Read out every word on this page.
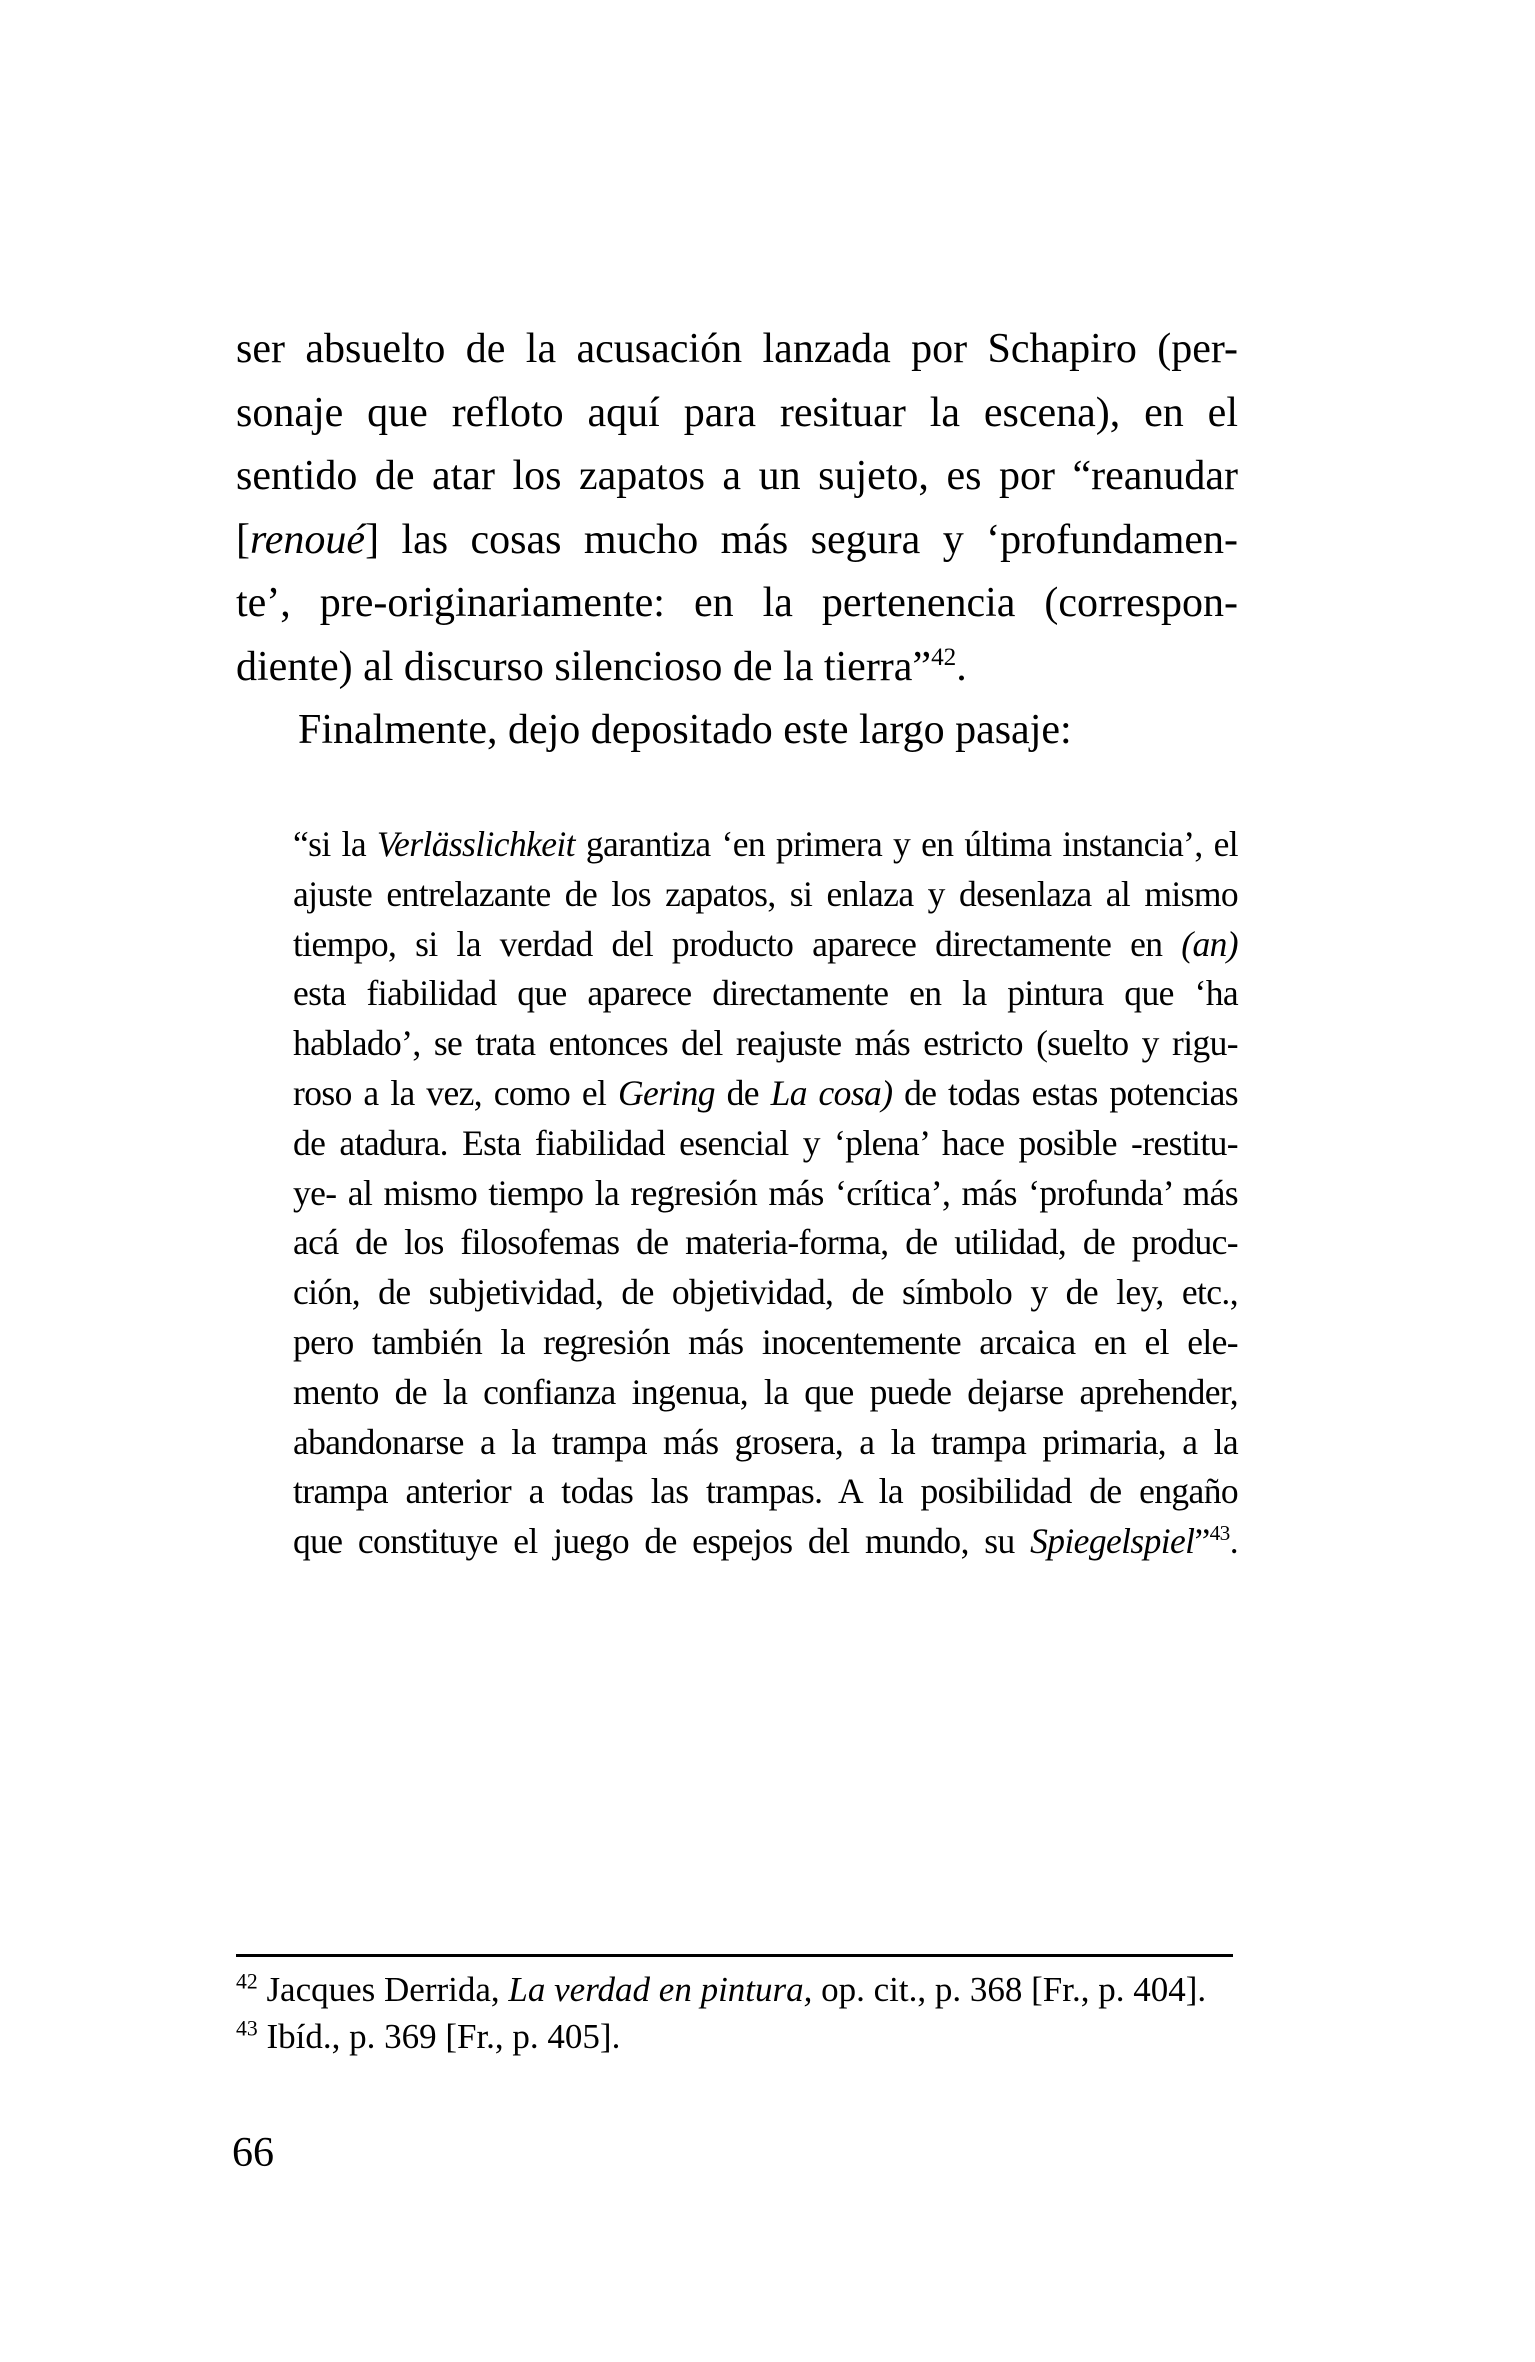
ser absuelto de la acusación lanzada por Schapiro (per-
sonaje que refloto aquí para resituar la escena), en el
sentido de atar los zapatos a un sujeto, es por “reanudar
[renoué] las cosas mucho más segura y ‘profundamen-
te’, pre-originariamente: en la pertenencia (correspon-
diente) al discurso silencioso de la tierra”$^{42}$.
Finalmente, dejo depositado este largo pasaje:
“si la Verlässlichkeit garantiza ‘en primera y en última instancia’, el
ajuste entrelazante de los zapatos, si enlaza y desenlaza al mismo
tiempo, si la verdad del producto aparece directamente en (an)
esta fiabilidad que aparece directamente en la pintura que ‘ha
hablado’, se trata entonces del reajuste más estricto (suelto y rigu-
roso a la vez, como el Gering de La cosa) de todas estas potencias
de atadura. Esta fiabilidad esencial y ‘plena’ hace posible -restitu-
ye- al mismo tiempo la regresión más ‘crítica’, más ‘profunda’ más
acá de los filosofemas de materia-forma, de utilidad, de produc-
ción, de subjetividad, de objetividad, de símbolo y de ley, etc.,
pero también la regresión más inocentemente arcaica en el ele-
mento de la confianza ingenua, la que puede dejarse aprehender,
abandonarse a la trampa más grosera, a la trampa primaria, a la
trampa anterior a todas las trampas. A la posibilidad de engaño
que constituye el juego de espejos del mundo, su Spiegelspiel”$^{43}$.
$^{42}$ Jacques Derrida, La verdad en pintura, op. cit., p. 368 [Fr., p. 404].
$^{43}$ Ibíd., p. 369 [Fr., p. 405].
66
